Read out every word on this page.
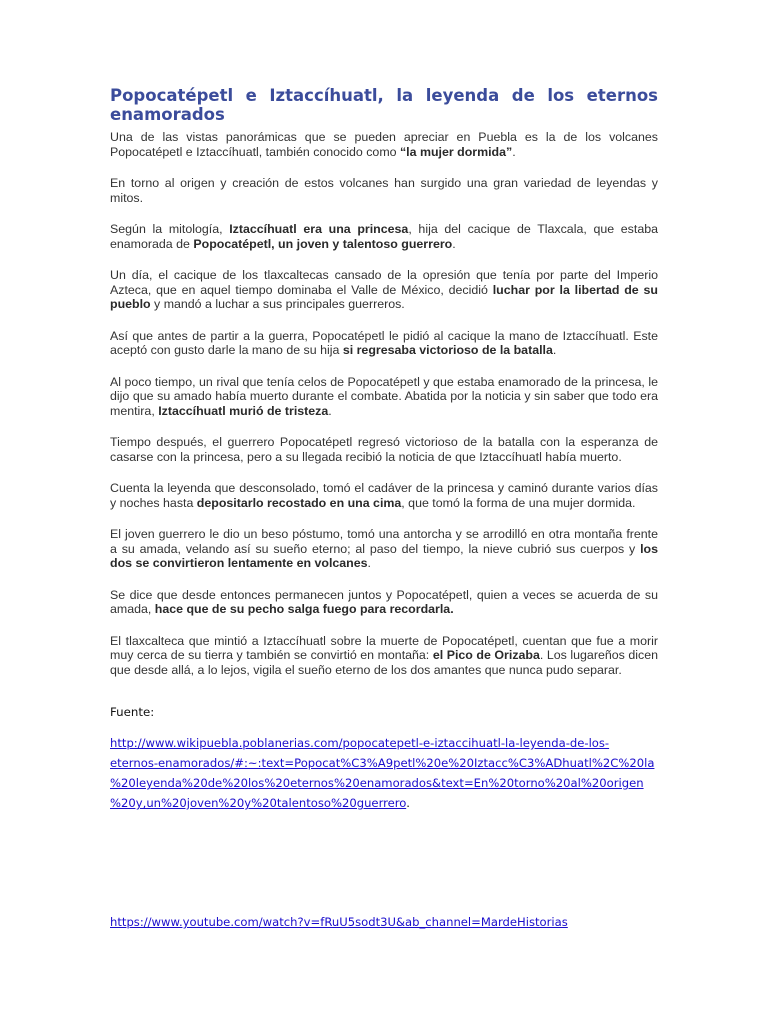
Popocatépetl e Iztaccíhuatl, la leyenda de los eternos enamorados

Una de las vistas panorámicas que se pueden apreciar en Puebla es la de los volcanes Popocatépetl e Iztaccíhuatl, también conocido como “la mujer dormida”.

En torno al origen y creación de estos volcanes han surgido una gran variedad de leyendas y mitos.

Según la mitología, Iztaccíhuatl era una princesa, hija del cacique de Tlaxcala, que estaba enamorada de Popocatépetl, un joven y talentoso guerrero.

Un día, el cacique de los tlaxcaltecas cansado de la opresión que tenía por parte del Imperio Azteca, que en aquel tiempo dominaba el Valle de México, decidió luchar por la libertad de su pueblo y mandó a luchar a sus principales guerreros.

Así que antes de partir a la guerra, Popocatépetl le pidió al cacique la mano de Iztaccíhuatl. Este aceptó con gusto darle la mano de su hija si regresaba victorioso de la batalla.

Al poco tiempo, un rival que tenía celos de Popocatépetl y que estaba enamorado de la princesa, le dijo que su amado había muerto durante el combate. Abatida por la noticia y sin saber que todo era mentira, Iztaccíhuatl murió de tristeza.

Tiempo después, el guerrero Popocatépetl regresó victorioso de la batalla con la esperanza de casarse con la princesa, pero a su llegada recibió la noticia de que Iztaccíhuatl había muerto.

Cuenta la leyenda que desconsolado, tomó el cadáver de la princesa y caminó durante varios días y noches hasta depositarlo recostado en una cima, que tomó la forma de una mujer dormida.

El joven guerrero le dio un beso póstumo, tomó una antorcha y se arrodilló en otra montaña frente a su amada, velando así su sueño eterno; al paso del tiempo, la nieve cubrió sus cuerpos y los dos se convirtieron lentamente en volcanes.

Se dice que desde entonces permanecen juntos y Popocatépetl, quien a veces se acuerda de su amada, hace que de su pecho salga fuego para recordarla.

El tlaxcalteca que mintió a Iztaccíhuatl sobre la muerte de Popocatépetl, cuentan que fue a morir muy cerca de su tierra y también se convirtió en montaña: el Pico de Orizaba. Los lugareños dicen que desde allá, a lo lejos, vigila el sueño eterno de los dos amantes que nunca pudo separar.

Fuente:
http://www.wikipuebla.poblanerias.com/popocatepetl-e-iztaccihuatl-la-leyenda-de-los-
eternos-enamorados/#:~:text=Popocat%C3%A9petl%20e%20Iztacc%C3%ADhuatl%2C%20la
%20leyenda%20de%20los%20eternos%20enamorados&text=En%20torno%20al%20origen
%20y,un%20joven%20y%20talentoso%20guerrero.
https://www.youtube.com/watch?v=fRuU5sodt3U&ab_channel=MardeHistorias
